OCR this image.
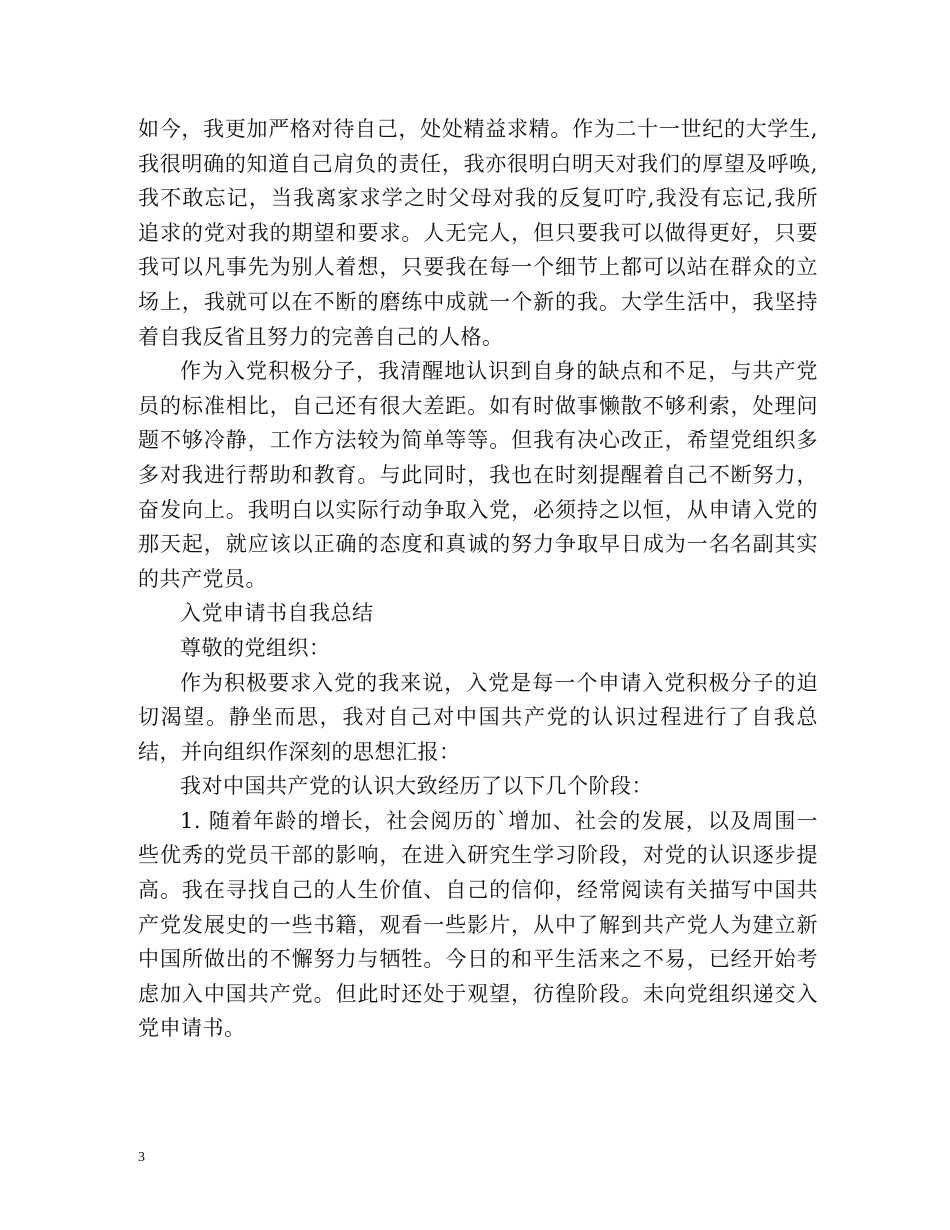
如今，我更加严格对待自己，处处精益求精。作为二十一世纪的大学生,我很明确的知道自己肩负的责任，我亦很明白明天对我们的厚望及呼唤,我不敢忘记，当我离家求学之时父母对我的反复叮咛,我没有忘记,我所追求的党对我的期望和要求。人无完人，但只要我可以做得更好，只要我可以凡事先为别人着想，只要我在每一个细节上都可以站在群众的立场上，我就可以在不断的磨练中成就一个新的我。大学生活中，我坚持着自我反省且努力的完善自己的人格。

作为入党积极分子，我清醒地认识到自身的缺点和不足，与共产党员的标准相比，自己还有很大差距。如有时做事懒散不够利索，处理问题不够冷静，工作方法较为简单等等。但我有决心改正，希望党组织多多对我进行帮助和教育。与此同时，我也在时刻提醒着自己不断努力，奋发向上。我明白以实际行动争取入党，必须持之以恒，从申请入党的那天起，就应该以正确的态度和真诚的努力争取早日成为一名名副其实的共产党员。

入党申请书自我总结

尊敬的党组织：

作为积极要求入党的我来说，入党是每一个申请入党积极分子的迫切渴望。静坐而思，我对自己对中国共产党的认识过程进行了自我总结，并向组织作深刻的思想汇报：

我对中国共产党的认识大致经历了以下几个阶段：

1. 随着年龄的增长，社会阅历的`增加、社会的发展，以及周围一些优秀的党员干部的影响，在进入研究生学习阶段，对党的认识逐步提高。我在寻找自己的人生价值、自己的信仰，经常阅读有关描写中国共产党发展史的一些书籍，观看一些影片，从中了解到共产党人为建立新中国所做出的不懈努力与牺牲。今日的和平生活来之不易，已经开始考虑加入中国共产党。但此时还处于观望，彷徨阶段。未向党组织递交入党申请书。

3
